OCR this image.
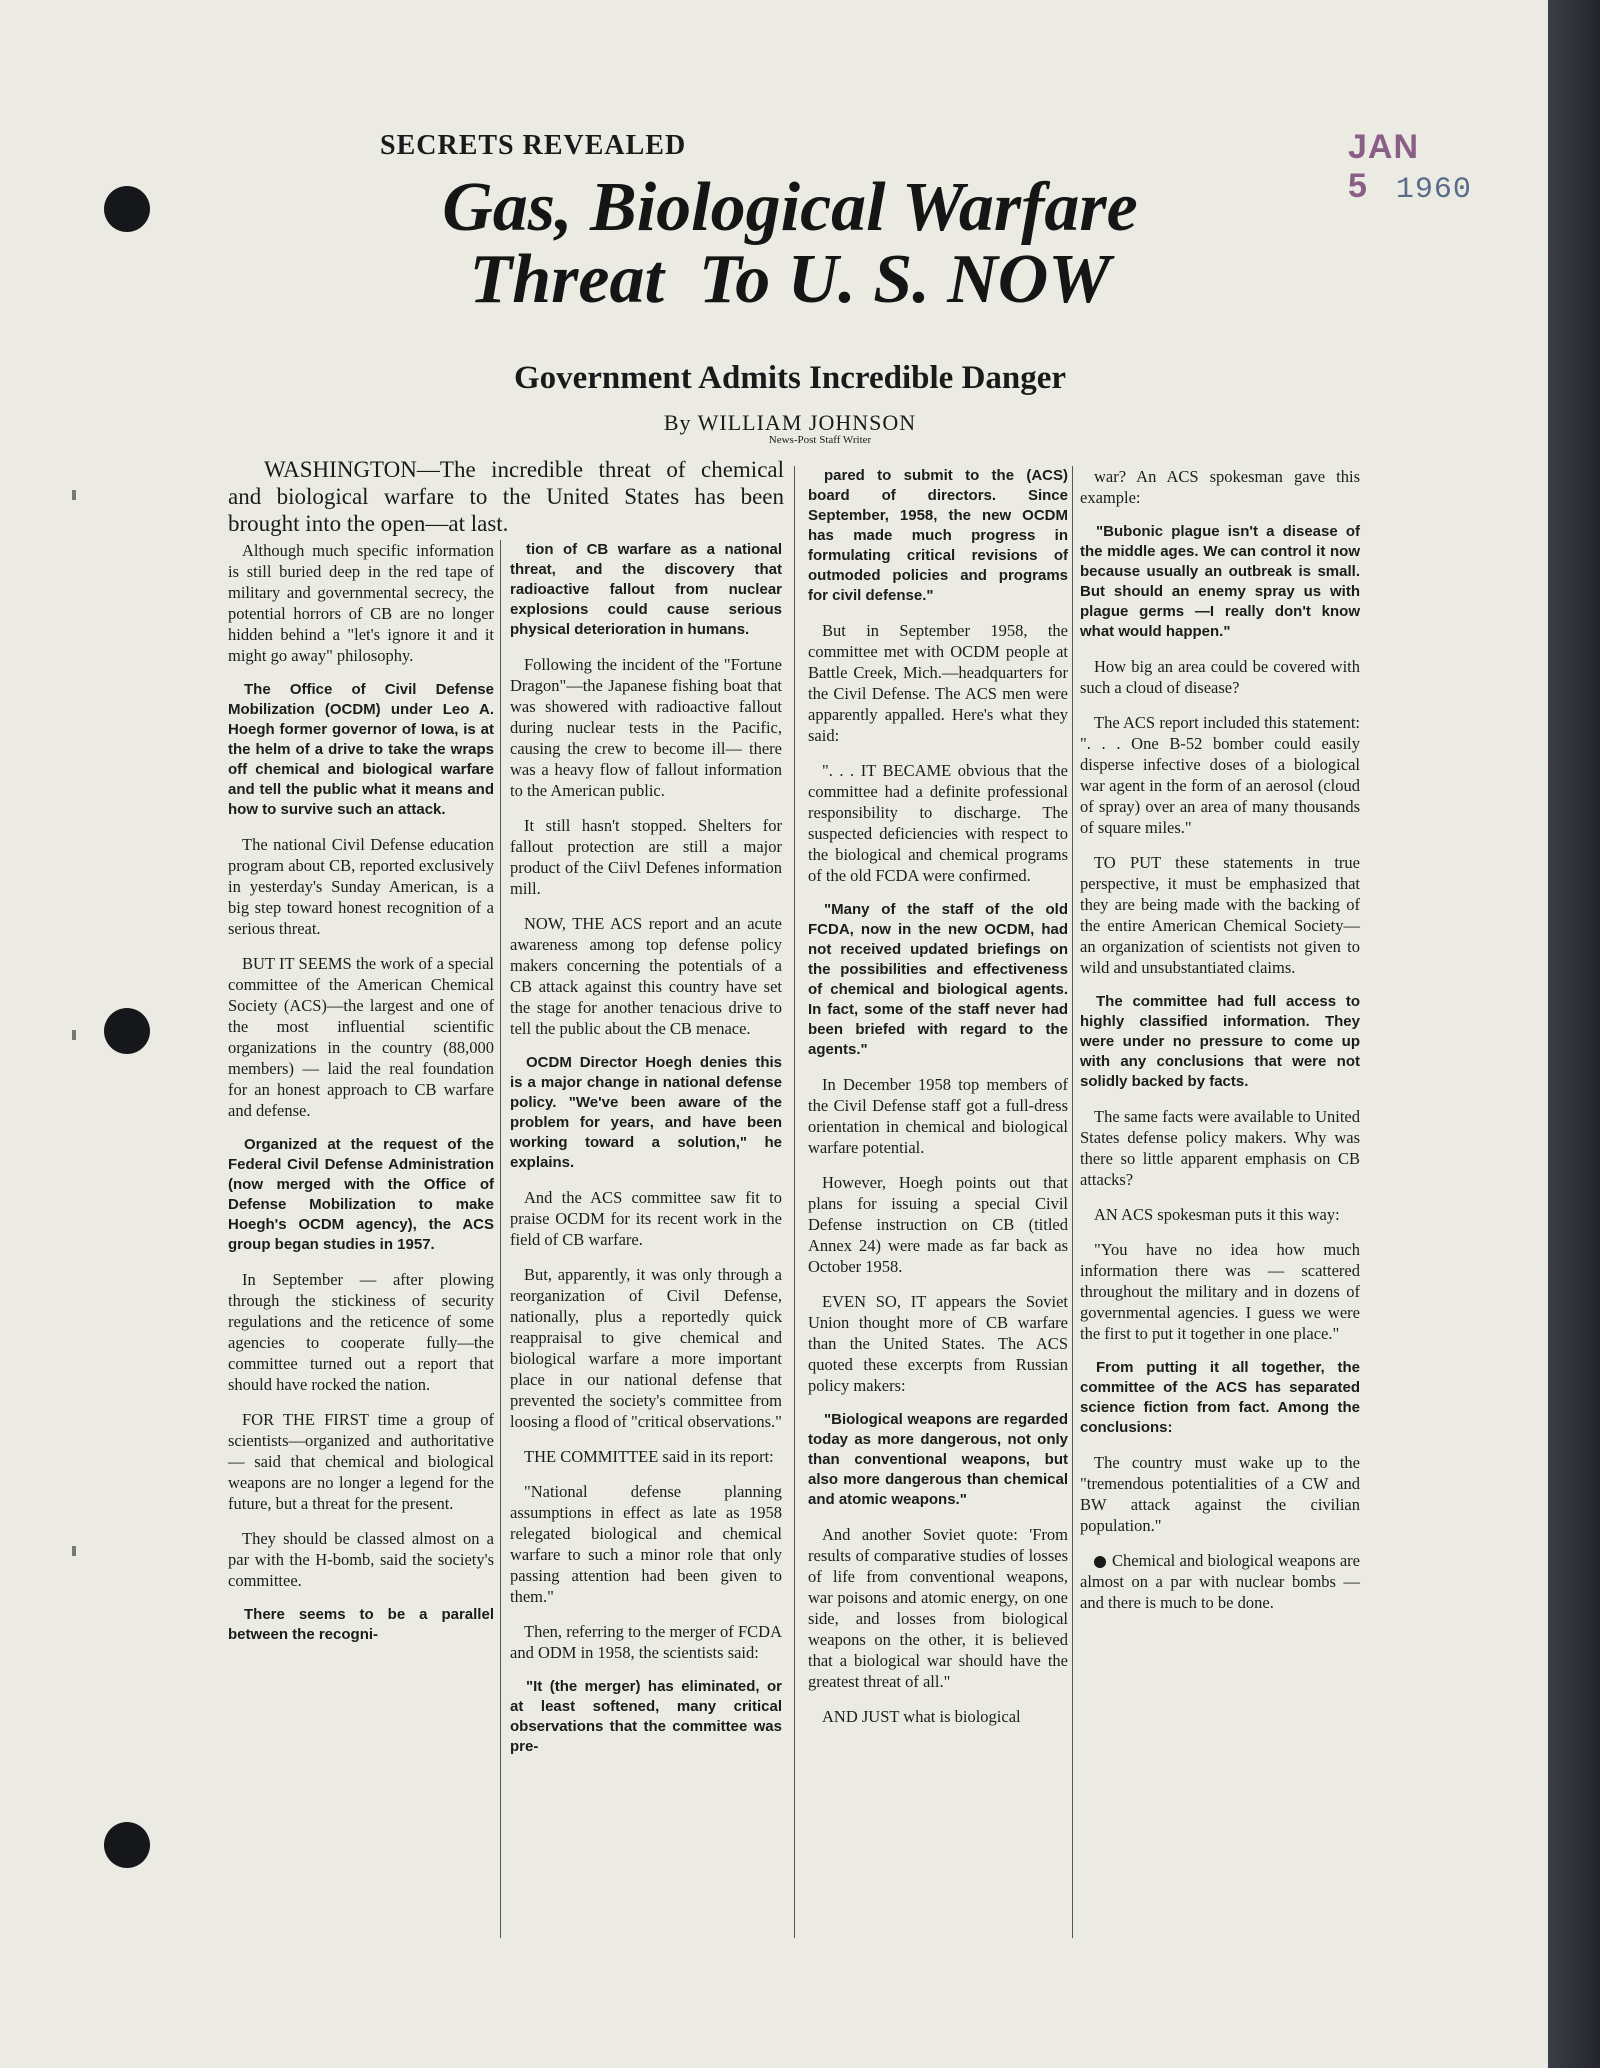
JAN 5 1960
SECRETS REVEALED
Gas, Biological Warfare
Threat  To U. S. NOW
Government Admits Incredible Danger
By WILLIAM JOHNSON
News-Post Staff Writer
WASHINGTON—The incredible threat of chemical and biological warfare to the United States has been brought into the open—at last.

Although much specific information is still buried deep in the red tape of military and governmental secrecy, the potential horrors of CB are no longer hidden behind a "let's ignore it and it might go away" philosophy.

The Office of Civil Defense Mobilization (OCDM) under Leo A. Hoegh former governor of Iowa, is at the helm of a drive to take the wraps off chemical and biological warfare and tell the public what it means and how to survive such an attack.

The national Civil Defense education program about CB, reported exclusively in yesterday's Sunday American, is a big step toward honest recognition of a serious threat.

BUT IT SEEMS the work of a special committee of the American Chemical Society (ACS)—the largest and one of the most influential scientific organizations in the country (88,000 members) — laid the real foundation for an honest approach to CB warfare and defense.

Organized at the request of the Federal Civil Defense Administration (now merged with the Office of Defense Mobilization to make Hoegh's OCDM agency), the ACS group began studies in 1957.

In September — after plowing through the stickiness of security regulations and the reticence of some agencies to cooperate fully—the committee turned out a report that should have rocked the nation.

FOR THE FIRST time a group of scientists—organized and authoritative — said that chemical and biological weapons are no longer a legend for the future, but a threat for the present.

They should be classed almost on a par with the H-bomb, said the society's committee.

There seems to be a parallel between the recogni-

tion of CB warfare as a national threat, and the discovery that radioactive fallout from nuclear explosions could cause serious physical deterioration in humans.

Following the incident of the "Fortune Dragon"—the Japanese fishing boat that was showered with radioactive fallout during nuclear tests in the Pacific, causing the crew to become ill— there was a heavy flow of fallout information to the American public.

It still hasn't stopped. Shelters for fallout protection are still a major product of the Ciivl Defenes information mill.

NOW, THE ACS report and an acute awareness among top defense policy makers concerning the potentials of a CB attack against this country have set the stage for another tenacious drive to tell the public about the CB menace.

OCDM Director Hoegh denies this is a major change in national defense policy. "We've been aware of the problem for years, and have been working toward a solution," he explains.

And the ACS committee saw fit to praise OCDM for its recent work in the field of CB warfare.

But, apparently, it was only through a reorganization of Civil Defense, nationally, plus a reportedly quick reappraisal to give chemical and biological warfare a more important place in our national defense that prevented the society's committee from loosing a flood of "critical observations."

THE COMMITTEE said in its report:

"National defense planning assumptions in effect as late as 1958 relegated biological and chemical warfare to such a minor role that only passing attention had been given to them."

Then, referring to the merger of FCDA and ODM in 1958, the scientists said:

"It (the merger) has eliminated, or at least softened, many critical observations that the committee was pre-

pared to submit to the (ACS) board of directors. Since September, 1958, the new OCDM has made much progress in formulating critical revisions of outmoded policies and programs for civil defense."

But in September 1958, the committee met with OCDM people at Battle Creek, Mich.—headquarters for the Civil Defense. The ACS men were apparently appalled. Here's what they said:

". . . IT BECAME obvious that the committee had a definite professional responsibility to discharge. The suspected deficiencies with respect to the biological and chemical programs of the old FCDA were confirmed.

"Many of the staff of the old FCDA, now in the new OCDM, had not received updated briefings on the possibilities and effectiveness of chemical and biological agents. In fact, some of the staff never had been briefed with regard to the agents."

In December 1958 top members of the Civil Defense staff got a full-dress orientation in chemical and biological warfare potential.

However, Hoegh points out that plans for issuing a special Civil Defense instruction on CB (titled Annex 24) were made as far back as October 1958.

EVEN SO, IT appears the Soviet Union thought more of CB warfare than the United States. The ACS quoted these excerpts from Russian policy makers:

"Biological weapons are regarded today as more dangerous, not only than conventional weapons, but also more dangerous than chemical and atomic weapons."

And another Soviet quote: 'From results of comparative studies of losses of life from conventional weapons, war poisons and atomic energy, on one side, and losses from biological weapons on the other, it is believed that a biological war should have the greatest threat of all."

AND JUST what is biological

war? An ACS spokesman gave this example:

"Bubonic plague isn't a disease of the middle ages. We can control it now because usually an outbreak is small. But should an enemy spray us with plague germs —I really don't know what would happen."

How big an area could be covered with such a cloud of disease?

The ACS report included this statement: ". . . One B-52 bomber could easily disperse infective doses of a biological war agent in the form of an aerosol (cloud of spray) over an area of many thousands of square miles."

TO PUT these statements in true perspective, it must be emphasized that they are being made with the backing of the entire American Chemical Society—an organization of scientists not given to wild and unsubstantiated claims.

The committee had full access to highly classified information. They were under no pressure to come up with any conclusions that were not solidly backed by facts.

The same facts were available to United States defense policy makers. Why was there so little apparent emphasis on CB attacks?

AN ACS spokesman puts it this way:

"You have no idea how much information there was — scattered throughout the military and in dozens of governmental agencies. I guess we were the first to put it together in one place."

From putting it all together, the committee of the ACS has separated science fiction from fact. Among the conclusions:

The country must wake up to the "tremendous potentialities of a CW and BW attack against the civilian population."

Chemical and biological weapons are almost on a par with nuclear bombs — and there is much to be done.
